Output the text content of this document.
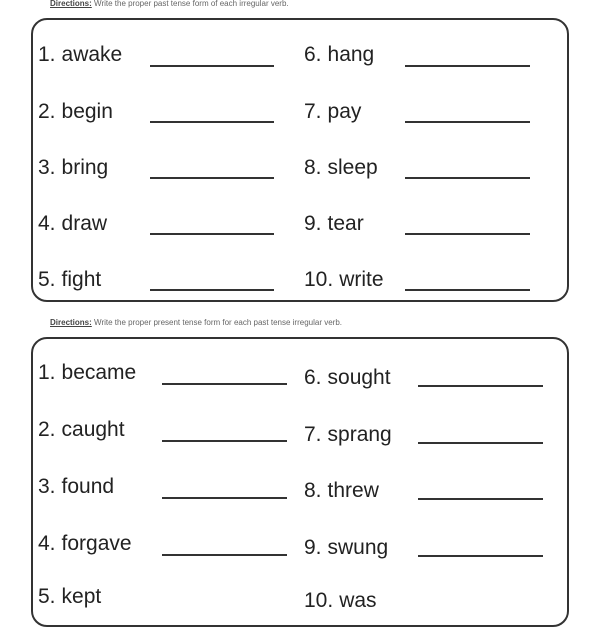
Directions: Write the proper past tense form of each irregular verb.
1. awake
2. begin
3. bring
4. draw
5. fight
6. hang
7. pay
8. sleep
9. tear
10. write
Directions: Write the proper present tense form for each past tense irregular verb.
1. became
2. caught
3. found
4. forgave
5. kept
6. sought
7. sprang
8. threw
9. swung
10. was
